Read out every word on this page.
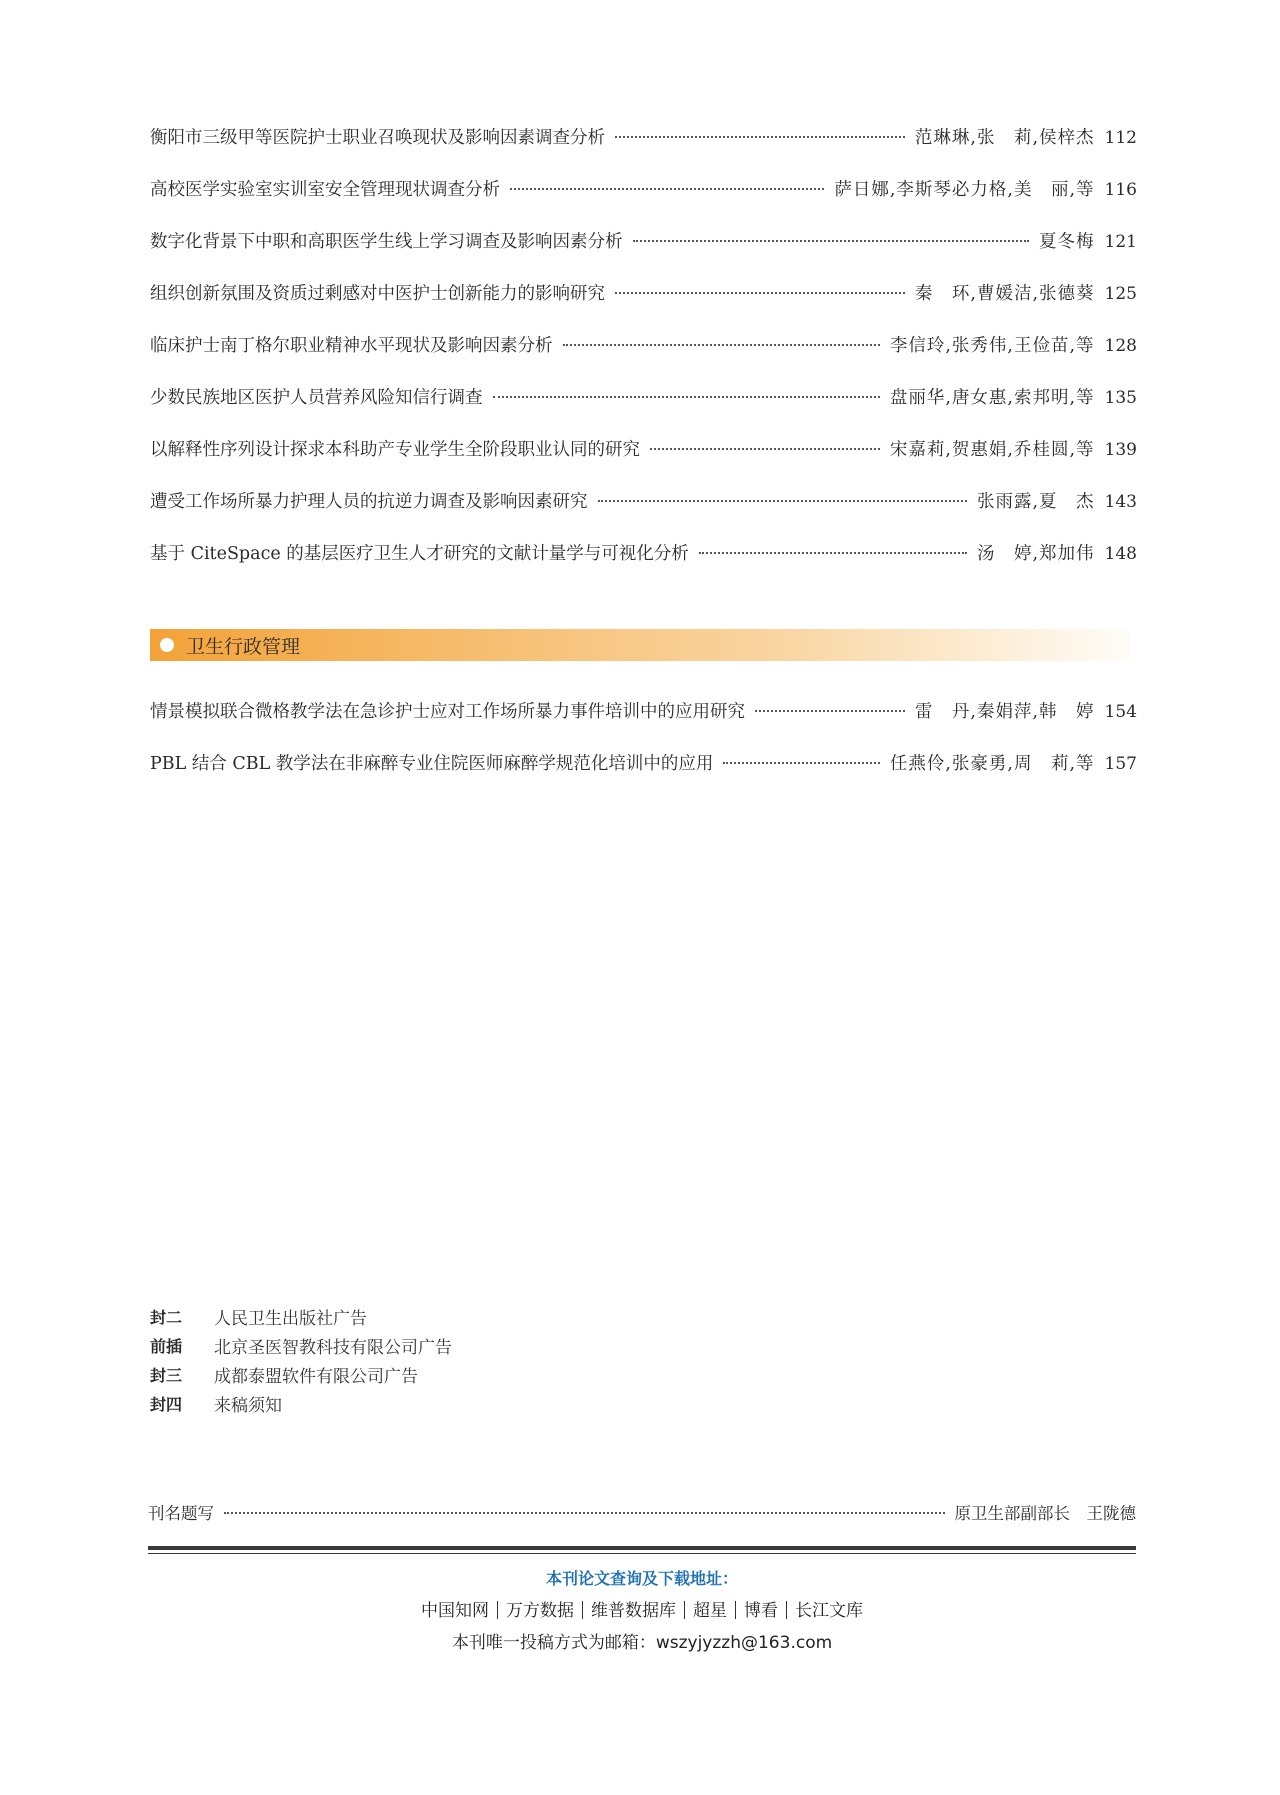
衡阳市三级甲等医院护士职业召唤现状及影响因素调查分析	范琳琳,张　莉,侯梓杰 112
高校医学实验室实训室安全管理现状调查分析	萨日娜,李斯琴必力格,美　丽,等 116
数字化背景下中职和高职医学生线上学习调查及影响因素分析	夏冬梅 121
组织创新氛围及资质过剩感对中医护士创新能力的影响研究	秦　环,曹媛洁,张德葵 125
临床护士南丁格尔职业精神水平现状及影响因素分析	李信玲,张秀伟,王俭苗,等 128
少数民族地区医护人员营养风险知信行调查	盘丽华,唐女惠,索邦明,等 135
以解释性序列设计探求本科助产专业学生全阶段职业认同的研究	宋嘉莉,贺惠娟,乔桂圆,等 139
遭受工作场所暴力护理人员的抗逆力调查及影响因素研究	张雨露,夏　杰 143
基于 CiteSpace 的基层医疗卫生人才研究的文献计量学与可视化分析	汤　婷,郑加伟 148
卫生行政管理
情景模拟联合微格教学法在急诊护士应对工作场所暴力事件培训中的应用研究	雷　丹,秦娟萍,韩　婷 154
PBL 结合 CBL 教学法在非麻醉专业住院医师麻醉学规范化培训中的应用	任燕伶,张豪勇,周　莉,等 157
封二	人民卫生出版社广告
前插	北京圣医智教科技有限公司广告
封三	成都泰盟软件有限公司广告
封四	来稿须知
刊名题写	原卫生部副部长　王陇德
本刊论文查询及下载地址：
中国知网 万方数据 维普数据库 超星 博看 长江文库
本刊唯一投稿方式为邮箱：wszyjyzzh@163.com
